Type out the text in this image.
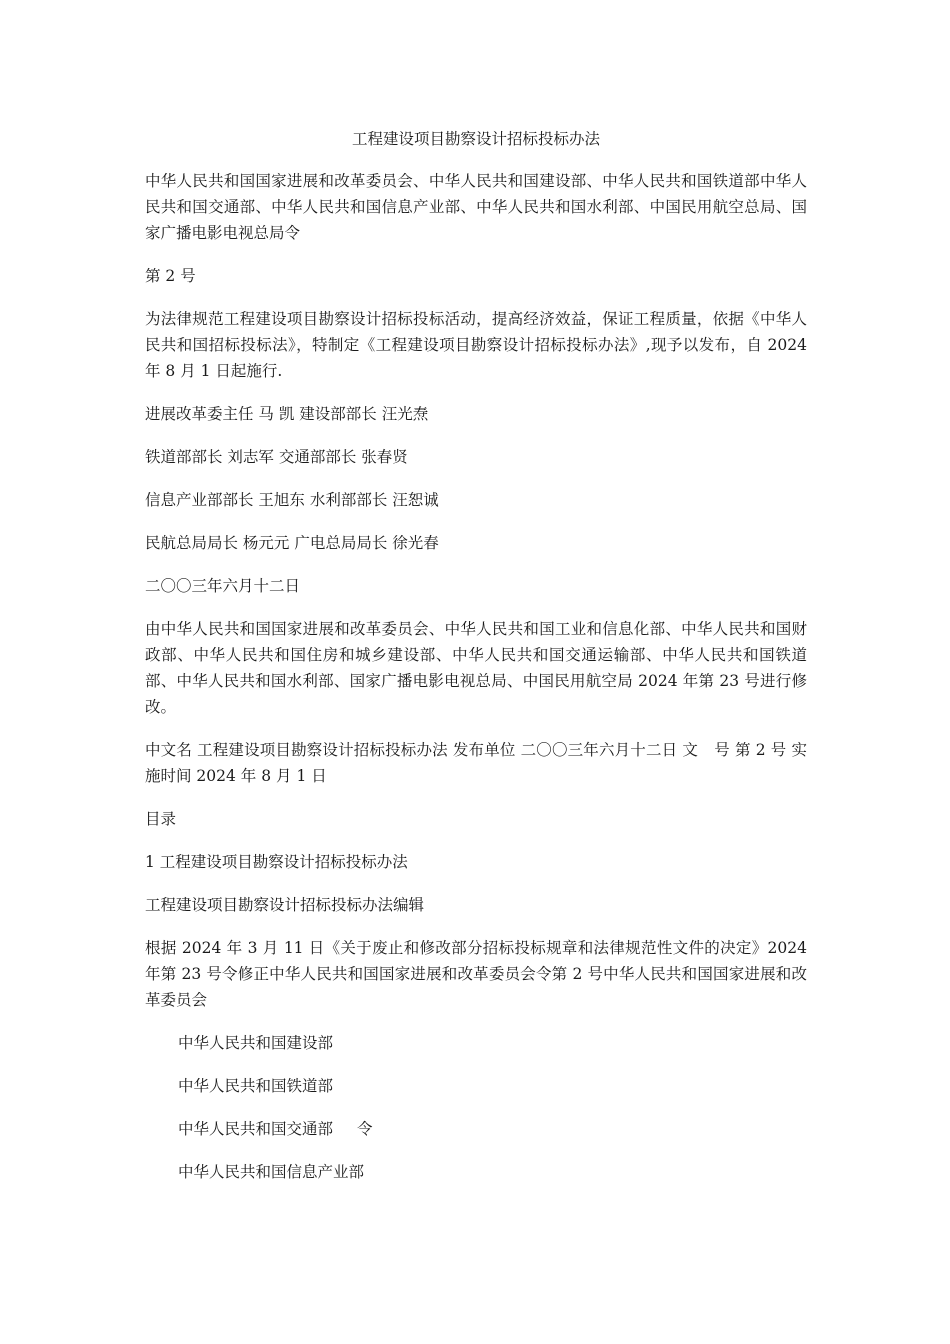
工程建设项目勘察设计招标投标办法
中华人民共和国国家进展和改革委员会、中华人民共和国建设部、中华人民共和国铁道部中华人民共和国交通部、中华人民共和国信息产业部、中华人民共和国水利部、中国民用航空总局、国家广播电影电视总局令
第 2 号
为法律规范工程建设项目勘察设计招标投标活动，提高经济效益，保证工程质量，依据《中华人民共和国招标投标法》，特制定《工程建设项目勘察设计招标投标办法》,现予以发布，自 2024 年 8 月 1 日起施行.
进展改革委主任 马 凯 建设部部长 汪光焘
铁道部部长 刘志军 交通部部长 张春贤
信息产业部部长 王旭东 水利部部长 汪恕诚
民航总局局长 杨元元 广电总局局长 徐光春
二〇〇三年六月十二日
由中华人民共和国国家进展和改革委员会、中华人民共和国工业和信息化部、中华人民共和国财政部、中华人民共和国住房和城乡建设部、中华人民共和国交通运输部、中华人民共和国铁道部、中华人民共和国水利部、国家广播电影电视总局、中国民用航空局 2024 年第 23 号进行修改。
中文名 工程建设项目勘察设计招标投标办法 发布单位 二〇〇三年六月十二日 文 号 第 2 号 实施时间 2024 年 8 月 1 日
目录
1 工程建设项目勘察设计招标投标办法
工程建设项目勘察设计招标投标办法编辑
根据 2024 年 3 月 11 日《关于废止和修改部分招标投标规章和法律规范性文件的决定》2024 年第 23 号令修正中华人民共和国国家进展和改革委员会令第 2 号中华人民共和国国家进展和改革委员会
中华人民共和国建设部
中华人民共和国铁道部
中华人民共和国交通部 令
中华人民共和国信息产业部
